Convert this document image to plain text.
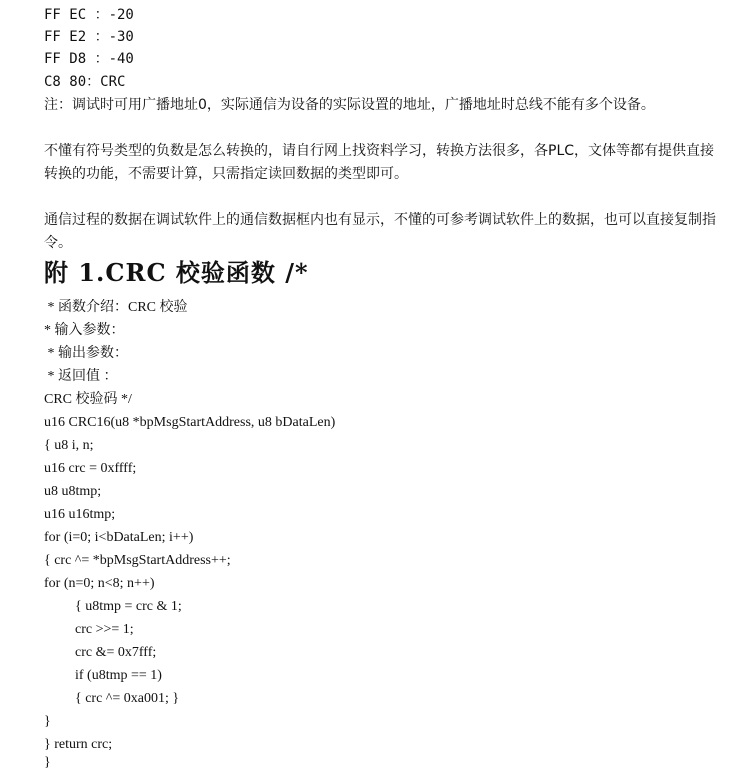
FF EC ：-20
FF E2 ：-30
FF D8 ：-40
C8 80：CRC
注：调试时可用广播地址0，实际通信为设备的实际设置的地址，广播地址时总线不能有多个设备。
不懂有符号类型的负数是怎么转换的，请自行网上找资料学习，转换方法很多，各PLC，文体等都有提供直接转换的功能，不需要计算，只需指定读回数据的类型即可。
通信过程的数据在调试软件上的通信数据框内也有显示，不懂的可参考调试软件上的数据，也可以直接复制指令。
附 1.CRC 校验函数 /*
* 函数介绍：CRC 校验
* 输入参数：
* 输出参数：
* 返回值 ：
CRC 校验码 */
u16 CRC16(u8 *bpMsgStartAddress, u8 bDataLen)
{ u8 i, n;
u16 crc = 0xffff;
u8 u8tmp;
u16 u16tmp;
for (i=0; i<bDataLen; i++)
{ crc ^= *bpMsgStartAddress++;
for (n=0; n<8; n++)
{ u8tmp = crc & 1;
crc >>= 1;
crc &= 0x7fff;
if (u8tmp == 1)
{ crc ^= 0xa001; }
}
} return crc;
}
